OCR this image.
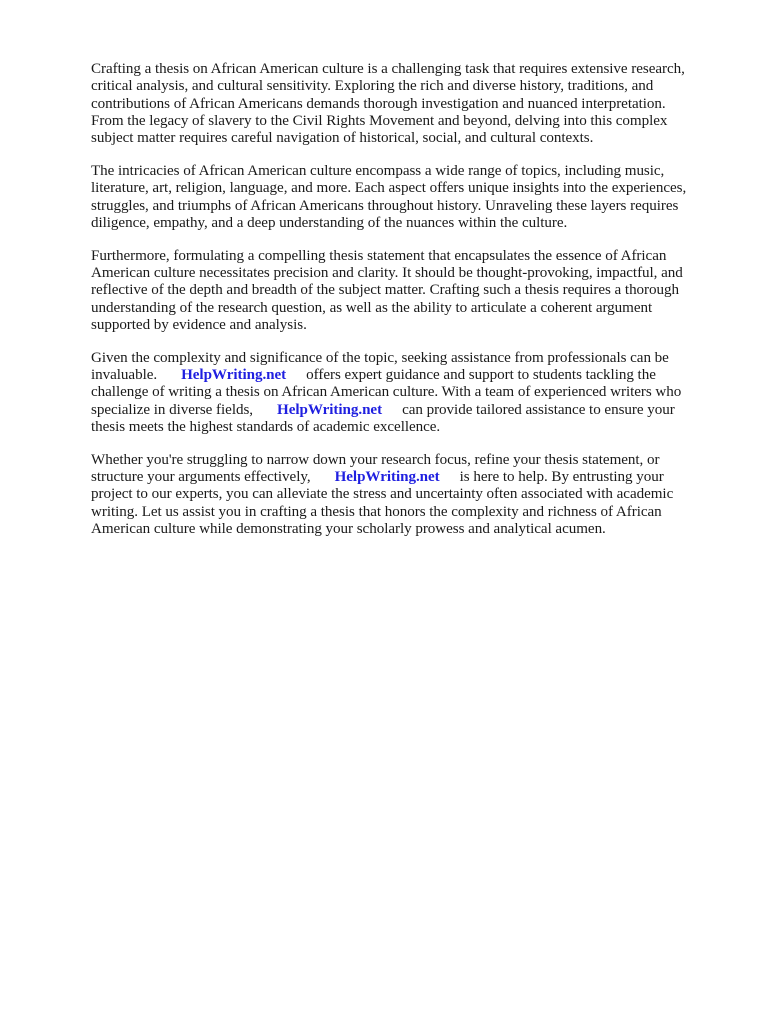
Crafting a thesis on African American culture is a challenging task that requires extensive research,
critical analysis, and cultural sensitivity. Exploring the rich and diverse history, traditions, and
contributions of African Americans demands thorough investigation and nuanced interpretation.
From the legacy of slavery to the Civil Rights Movement and beyond, delving into this complex
subject matter requires careful navigation of historical, social, and cultural contexts.

The intricacies of African American culture encompass a wide range of topics, including music,
literature, art, religion, language, and more. Each aspect offers unique insights into the experiences,
struggles, and triumphs of African Americans throughout history. Unraveling these layers requires
diligence, empathy, and a deep understanding of the nuances within the culture.

Furthermore, formulating a compelling thesis statement that encapsulates the essence of African
American culture necessitates precision and clarity. It should be thought-provoking, impactful, and
reflective of the depth and breadth of the subject matter. Crafting such a thesis requires a thorough
understanding of the research question, as well as the ability to articulate a coherent argument
supported by evidence and analysis.

Given the complexity and significance of the topic, seeking assistance from professionals can be
invaluable. HelpWriting.net offers expert guidance and support to students tackling the
challenge of writing a thesis on African American culture. With a team of experienced writers who
specialize in diverse fields, HelpWriting.net can provide tailored assistance to ensure your
thesis meets the highest standards of academic excellence.

Whether you're struggling to narrow down your research focus, refine your thesis statement, or
structure your arguments effectively, HelpWriting.net is here to help. By entrusting your
project to our experts, you can alleviate the stress and uncertainty often associated with academic
writing. Let us assist you in crafting a thesis that honors the complexity and richness of African
American culture while demonstrating your scholarly prowess and analytical acumen.
